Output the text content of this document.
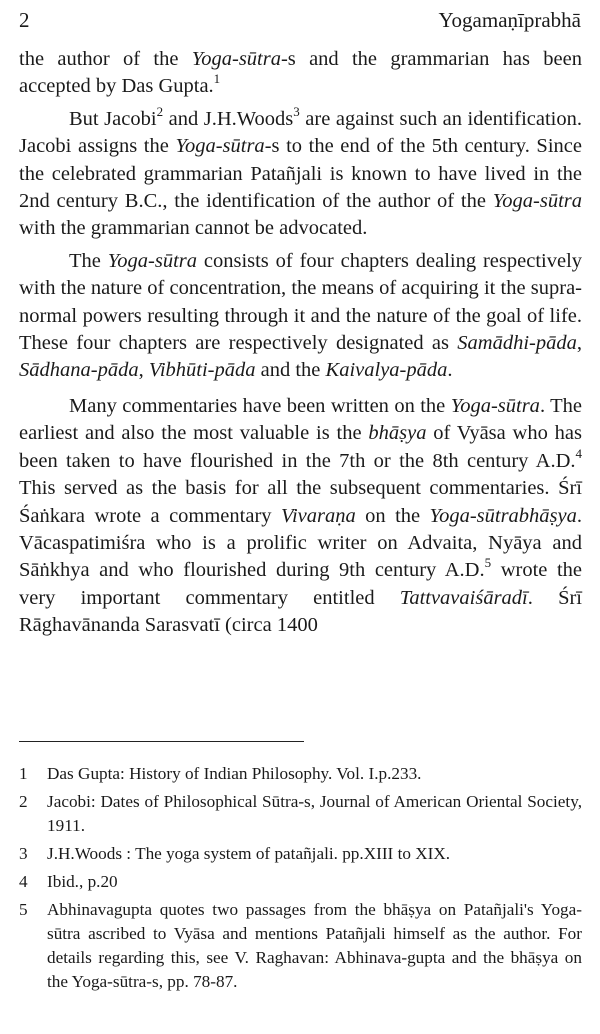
2	Yogamaṇīprabhā

the author of the Yoga-sūtra-s and the grammarian has been accepted by Das Gupta.$^1$

But Jacobi$^2$ and J.H.Woods$^3$ are against such an identification. Jacobi assigns the Yoga-sūtra-s to the end of the 5th century. Since the celebrated grammarian Patañjali is known to have lived in the 2nd century B.C., the identification of the author of the Yoga-sūtra with the grammarian cannot be advocated.

The Yoga-sūtra consists of four chapters dealing respectively with the nature of concentration, the means of acquiring it the supra-normal powers resulting through it and the nature of the goal of life. These four chapters are respectively designated as Samādhi-pāda, Sādhana-pāda, Vibhūti-pāda and the Kaivalya-pāda.

Many commentaries have been written on the Yoga-sūtra. The earliest and also the most valuable is the bhāṣya of Vyāsa who has been taken to have flourished in the 7th or the 8th century A.D.$^4$ This served as the basis for all the subsequent commentaries. Śrī Śaṅkara wrote a commentary Vivaraṇa on the Yoga-sūtrabhāṣya. Vācaspatimiśra who is a prolific writer on Advaita, Nyāya and Sāṅkhya and who flourished during 9th century A.D.$^5$ wrote the very important commentary entitled Tattvavaiśāradī. Śrī Rāghavānanda Sarasvatī (circa 1400

1	Das Gupta: History of Indian Philosophy. Vol. I.p.233.
2	Jacobi: Dates of Philosophical Sūtra-s, Journal of American Oriental Society, 1911.
3	J.H.Woods : The yoga system of patañjali. pp.XIII to XIX.
4	Ibid., p.20
5	Abhinavagupta quotes two passages from the bhāṣya on Patañjali's Yoga-sūtra ascribed to Vyāsa and mentions Patañjali himself as the author. For details regarding this, see V. Raghavan: Abhinava-gupta and the bhāṣya on the Yoga-sūtra-s, pp. 78-87.
